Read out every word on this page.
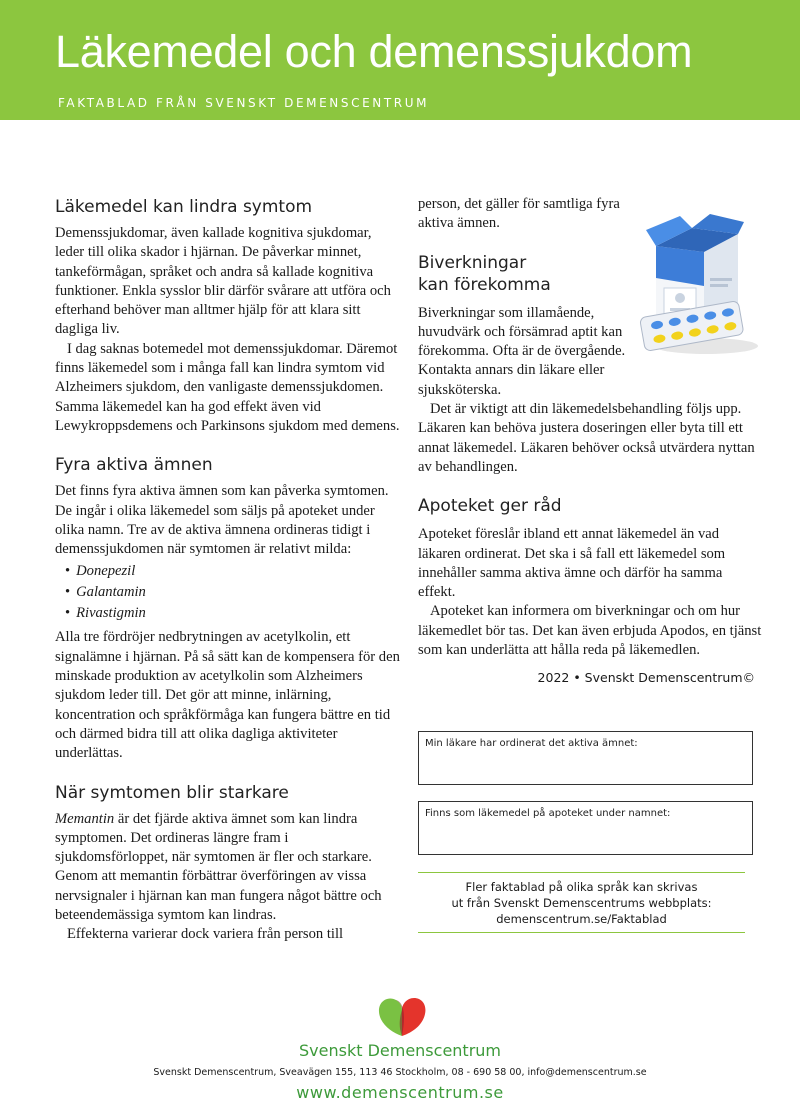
Läkemedel och demenssjukdom
FAKTABLAD FRÅN SVENSKT DEMENSCENTRUM
Läkemedel kan lindra symtom

Demenssjukdomar, även kallade kognitiva sjukdomar, leder till olika skador i hjärnan. De påverkar minnet, tankeförmågan, språket och andra så kallade kognitiva funktioner. Enkla sysslor blir därför svårare att utföra och efterhand behöver man alltmer hjälp för att klara sitt dagliga liv.

I dag saknas botemedel mot demenssjukdomar. Däremot finns läkemedel som i många fall kan lindra symtom vid Alzheimers sjukdom, den vanligaste demenssjukdomen. Samma läkemedel kan ha god effekt även vid Lewykroppsdemens och Parkinsons sjukdom med demens.

Fyra aktiva ämnen

Det finns fyra aktiva ämnen som kan påverka symtomen. De ingår i olika läkemedel som säljs på apoteket under olika namn. Tre av de aktiva ämnena ordineras tidigt i demenssjukdomen när symtomen är relativt milda:

• Donepezil
• Galantamin
• Rivastigmin

Alla tre fördröjer nedbrytningen av acetylkolin, ett signalämne i hjärnan. På så sätt kan de kompensera för den minskade produktion av acetylkolin som Alzheimers sjukdom leder till. Det gör att minne, inlärning, koncentration och språkförmåga kan fungera bättre en tid och därmed bidra till att olika dagliga aktiviteter underlättas.

När symtomen blir starkare

Memantin är det fjärde aktiva ämnet som kan lindra symptomen. Det ordineras längre fram i sjukdomsförloppet, när symtomen är fler och starkare. Genom att memantin förbättrar överföringen av vissa nervsignaler i hjärnan kan man fungera något bättre och beteendemässiga symtom kan lindras.

Effekterna varierar dock variera från person till

person, det gäller för samtliga fyra aktiva ämnen.

Biverkningar
kan förekomma

Biverkningar som illamående, huvudvärk och försämrad aptit kan förekomma. Ofta är de övergående. Kontakta annars din läkare eller sjuksköterska.

Det är viktigt att din läkemedelsbehandling följs upp. Läkaren kan behöva justera doseringen eller byta till ett annat läkemedel. Läkaren behöver också utvärdera nyttan av behandlingen.

Apoteket ger råd

Apoteket föreslår ibland ett annat läkemedel än vad läkaren ordinerat. Det ska i så fall ett läkemedel som innehåller samma aktiva ämne och därför ha samma effekt.

Apoteket kan informera om biverkningar och om hur läkemedlet bör tas. Det kan även erbjuda Apodos, en tjänst som kan underlätta att hålla reda på läkemedlen.

2022 • Svenskt Demenscentrum©
Min läkare har ordinerat det aktiva ämnet:
Finns som läkemedel på apoteket under namnet:
Fler faktablad på olika språk kan skrivas
ut från Svenskt Demenscentrums webbplats:
demenscentrum.se/Faktablad
Svenskt Demenscentrum
Svenskt Demenscentrum, Sveavägen 155, 113 46 Stockholm, 08 - 690 58 00, info@demenscentrum.se
www.demenscentrum.se
